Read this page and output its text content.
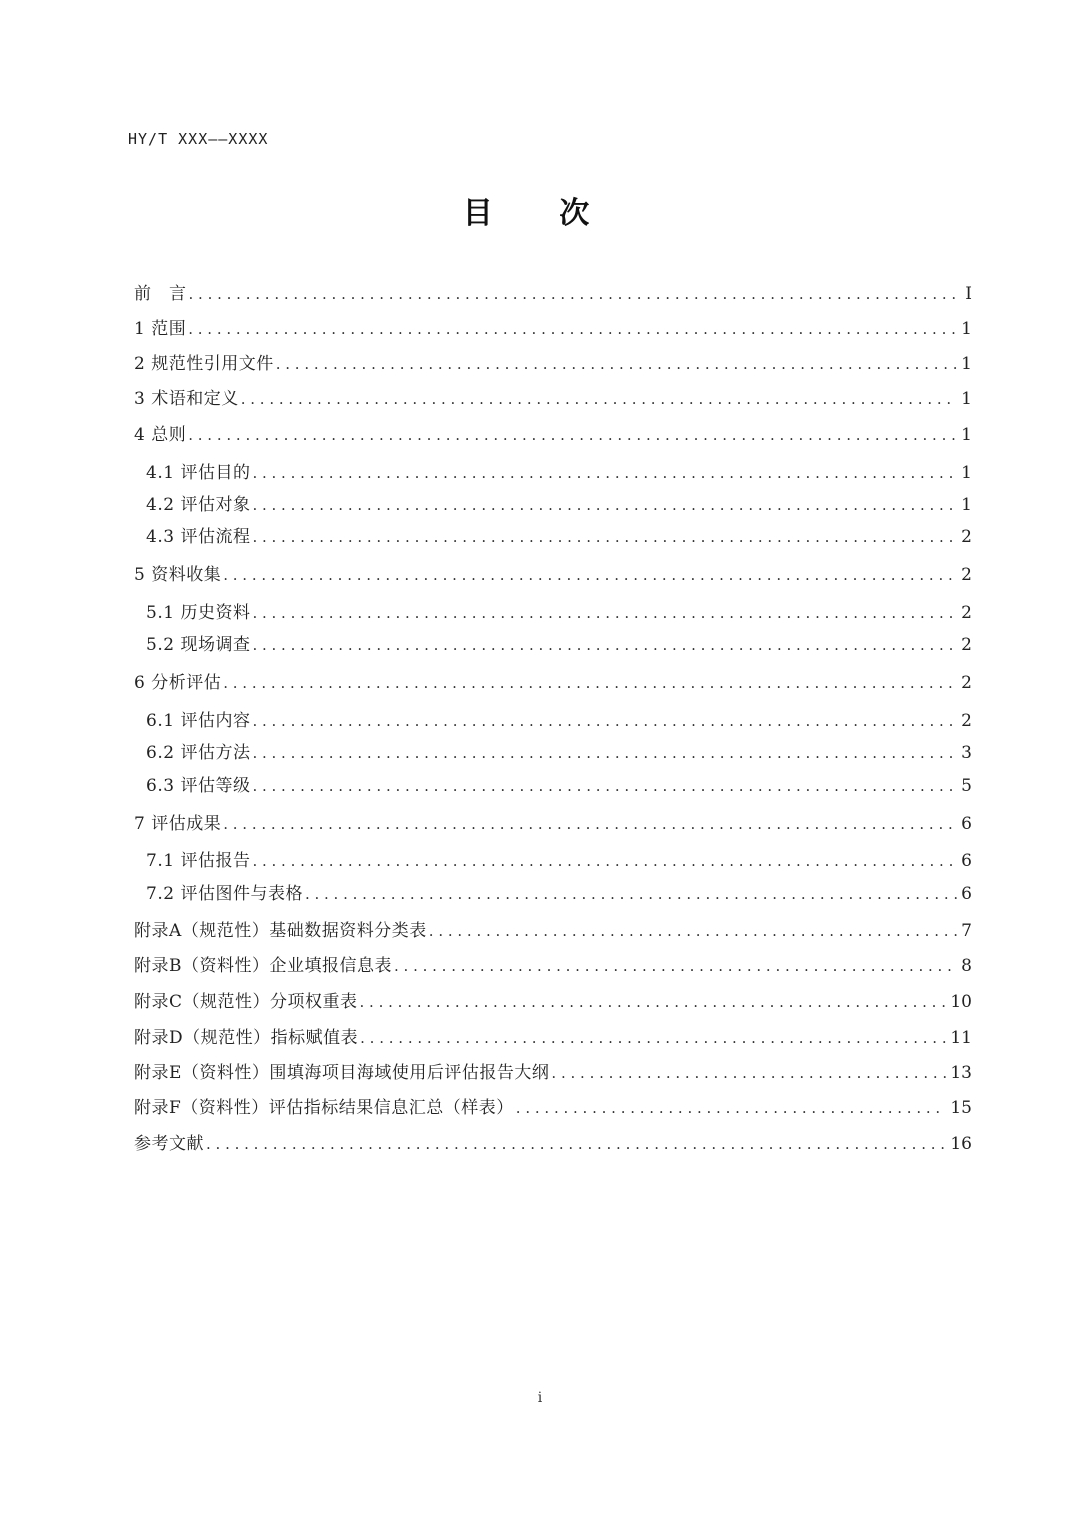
HY/T XXX——XXXX
目 次
前　言 . . .	I
1 范围 . . .	1
2 规范性引用文件 . . .	1
3 术语和定义 . . .	1
4 总则 . . .	1
4.1 评估目的 . . .	1
4.2 评估对象 . . .	1
4.3 评估流程 . . .	2
5 资料收集 . . .	2
5.1 历史资料 . . .	2
5.2 现场调查 . . .	2
6 分析评估 . . .	2
6.1 评估内容 . . .	2
6.2 评估方法 . . .	3
6.3 评估等级 . . .	5
7 评估成果 . . .	6
7.1 评估报告 . . .	6
7.2 评估图件与表格 . . .	6
附录A（规范性）基础数据资料分类表 . . .	7
附录B（资料性）企业填报信息表 . . .	8
附录C（规范性）分项权重表 . . .	10
附录D（规范性）指标赋值表 . . .	11
附录E（资料性）围填海项目海域使用后评估报告大纲 . . .	13
附录F（资料性）评估指标结果信息汇总（样表） . . .	15
参考文献 . . .	16
i
